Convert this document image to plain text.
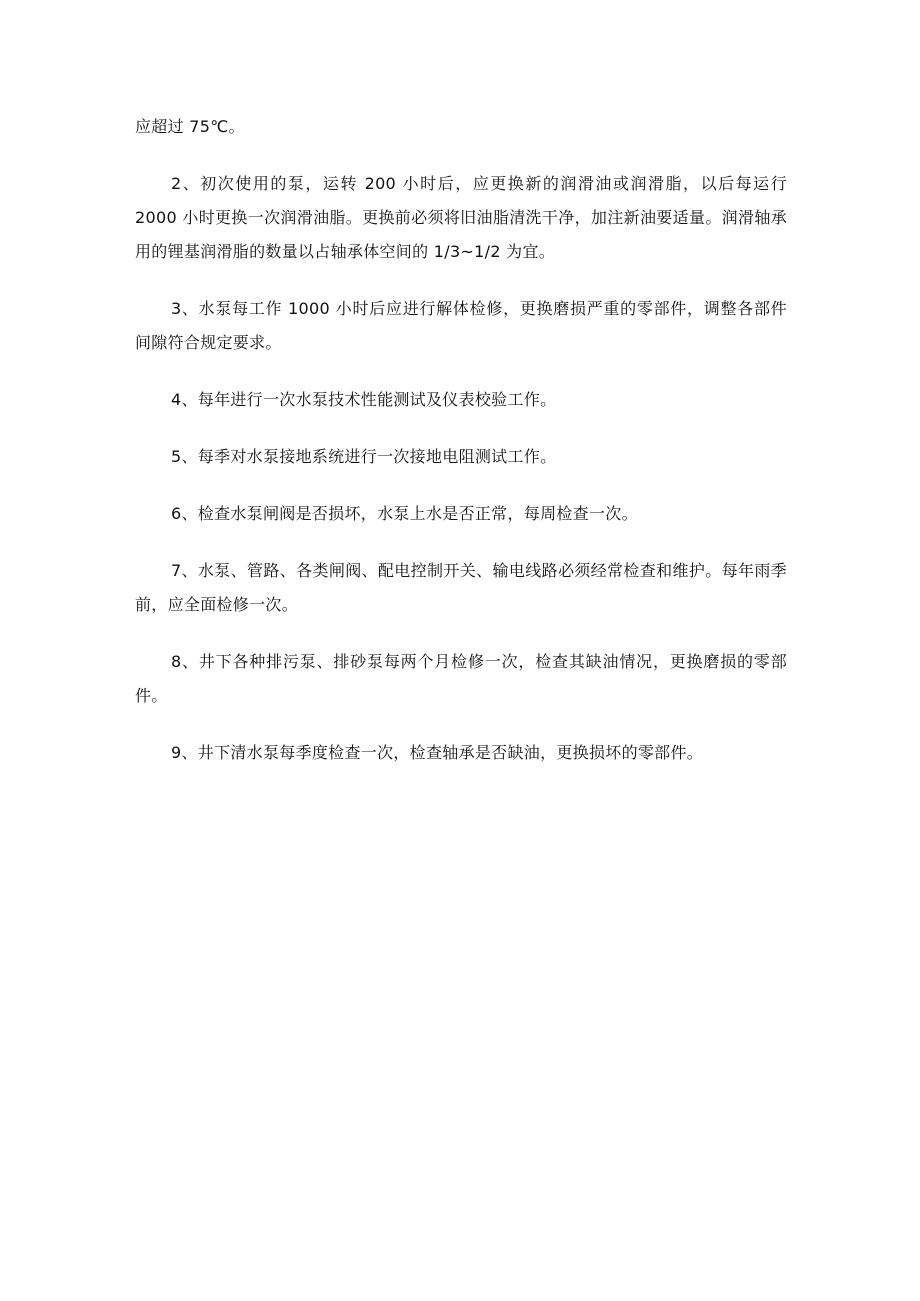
应超过 75℃。

2、初次使用的泵，运转 200 小时后，应更换新的润滑油或润滑脂，以后每运行 2000 小时更换一次润滑油脂。更换前必须将旧油脂清洗干净，加注新油要适量。润滑轴承用的锂基润滑脂的数量以占轴承体空间的 1/3~1/2 为宜。

3、水泵每工作 1000 小时后应进行解体检修，更换磨损严重的零部件，调整各部件间隙符合规定要求。

4、每年进行一次水泵技术性能测试及仪表校验工作。

5、每季对水泵接地系统进行一次接地电阻测试工作。

6、检查水泵闸阀是否损坏，水泵上水是否正常，每周检查一次。

7、水泵、管路、各类闸阀、配电控制开关、输电线路必须经常检查和维护。每年雨季前，应全面检修一次。

8、井下各种排污泵、排砂泵每两个月检修一次，检查其缺油情况，更换磨损的零部件。

9、井下清水泵每季度检查一次，检查轴承是否缺油，更换损坏的零部件。
